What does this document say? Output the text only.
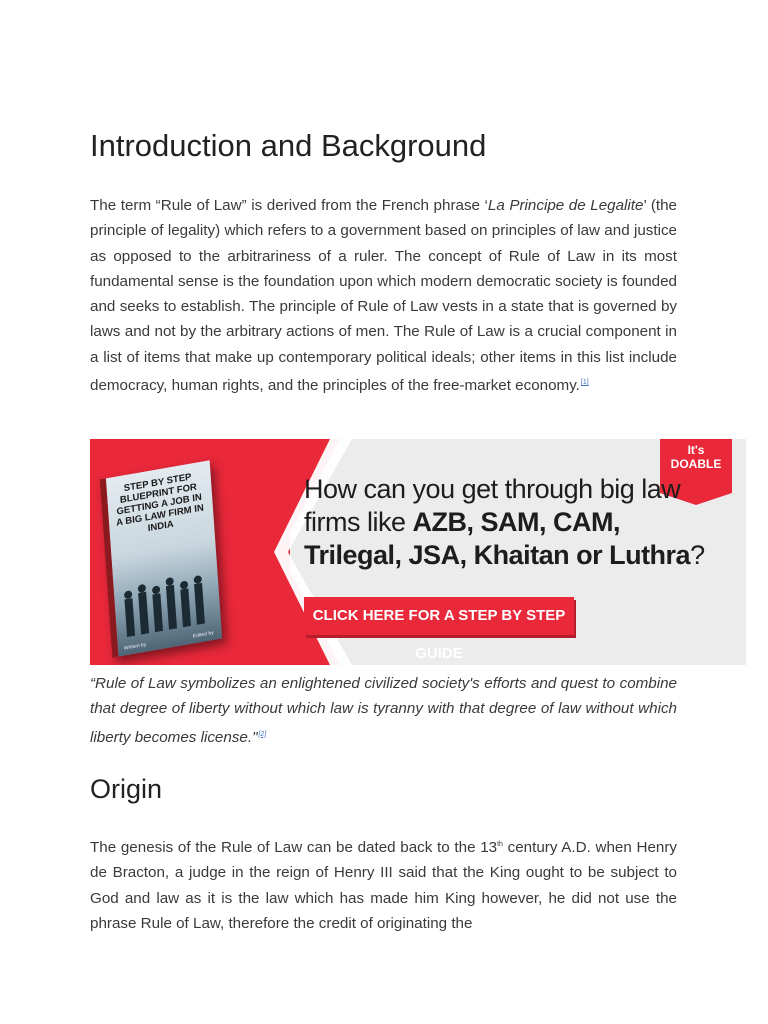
Introduction and Background

The term “Rule of Law” is derived from the French phrase ‘La Principe de Legalite’ (the principle of legality) which refers to a government based on principles of law and justice as opposed to the arbitrariness of a ruler. The concept of Rule of Law in its most fundamental sense is the foundation upon which modern democratic society is founded and seeks to establish. The principle of Rule of Law vests in a state that is governed by laws and not by the arbitrary actions of men. The Rule of Law is a crucial component in a list of items that make up contemporary political ideals; other items in this list include democracy, human rights, and the principles of the free-market economy.[1]

STEP BY STEP BLUEPRINT FOR GETTING A JOB IN A BIG LAW FIRM IN INDIA
Written by
Edited by
It's
DOABLE
How can you get through big law firms like AZB, SAM, CAM, Trilegal, JSA, Khaitan or Luthra?
CLICK HERE FOR A STEP BY STEP GUIDE

“Rule of Law symbolizes an enlightened civilized society's efforts and quest to combine that degree of liberty without which law is tyranny with that degree of law without which liberty becomes license."[2]

Origin

The genesis of the Rule of Law can be dated back to the 13th century A.D. when Henry de Bracton, a judge in the reign of Henry III said that the King ought to be subject to God and law as it is the law which has made him King however, he did not use the phrase Rule of Law, therefore the credit of originating the
